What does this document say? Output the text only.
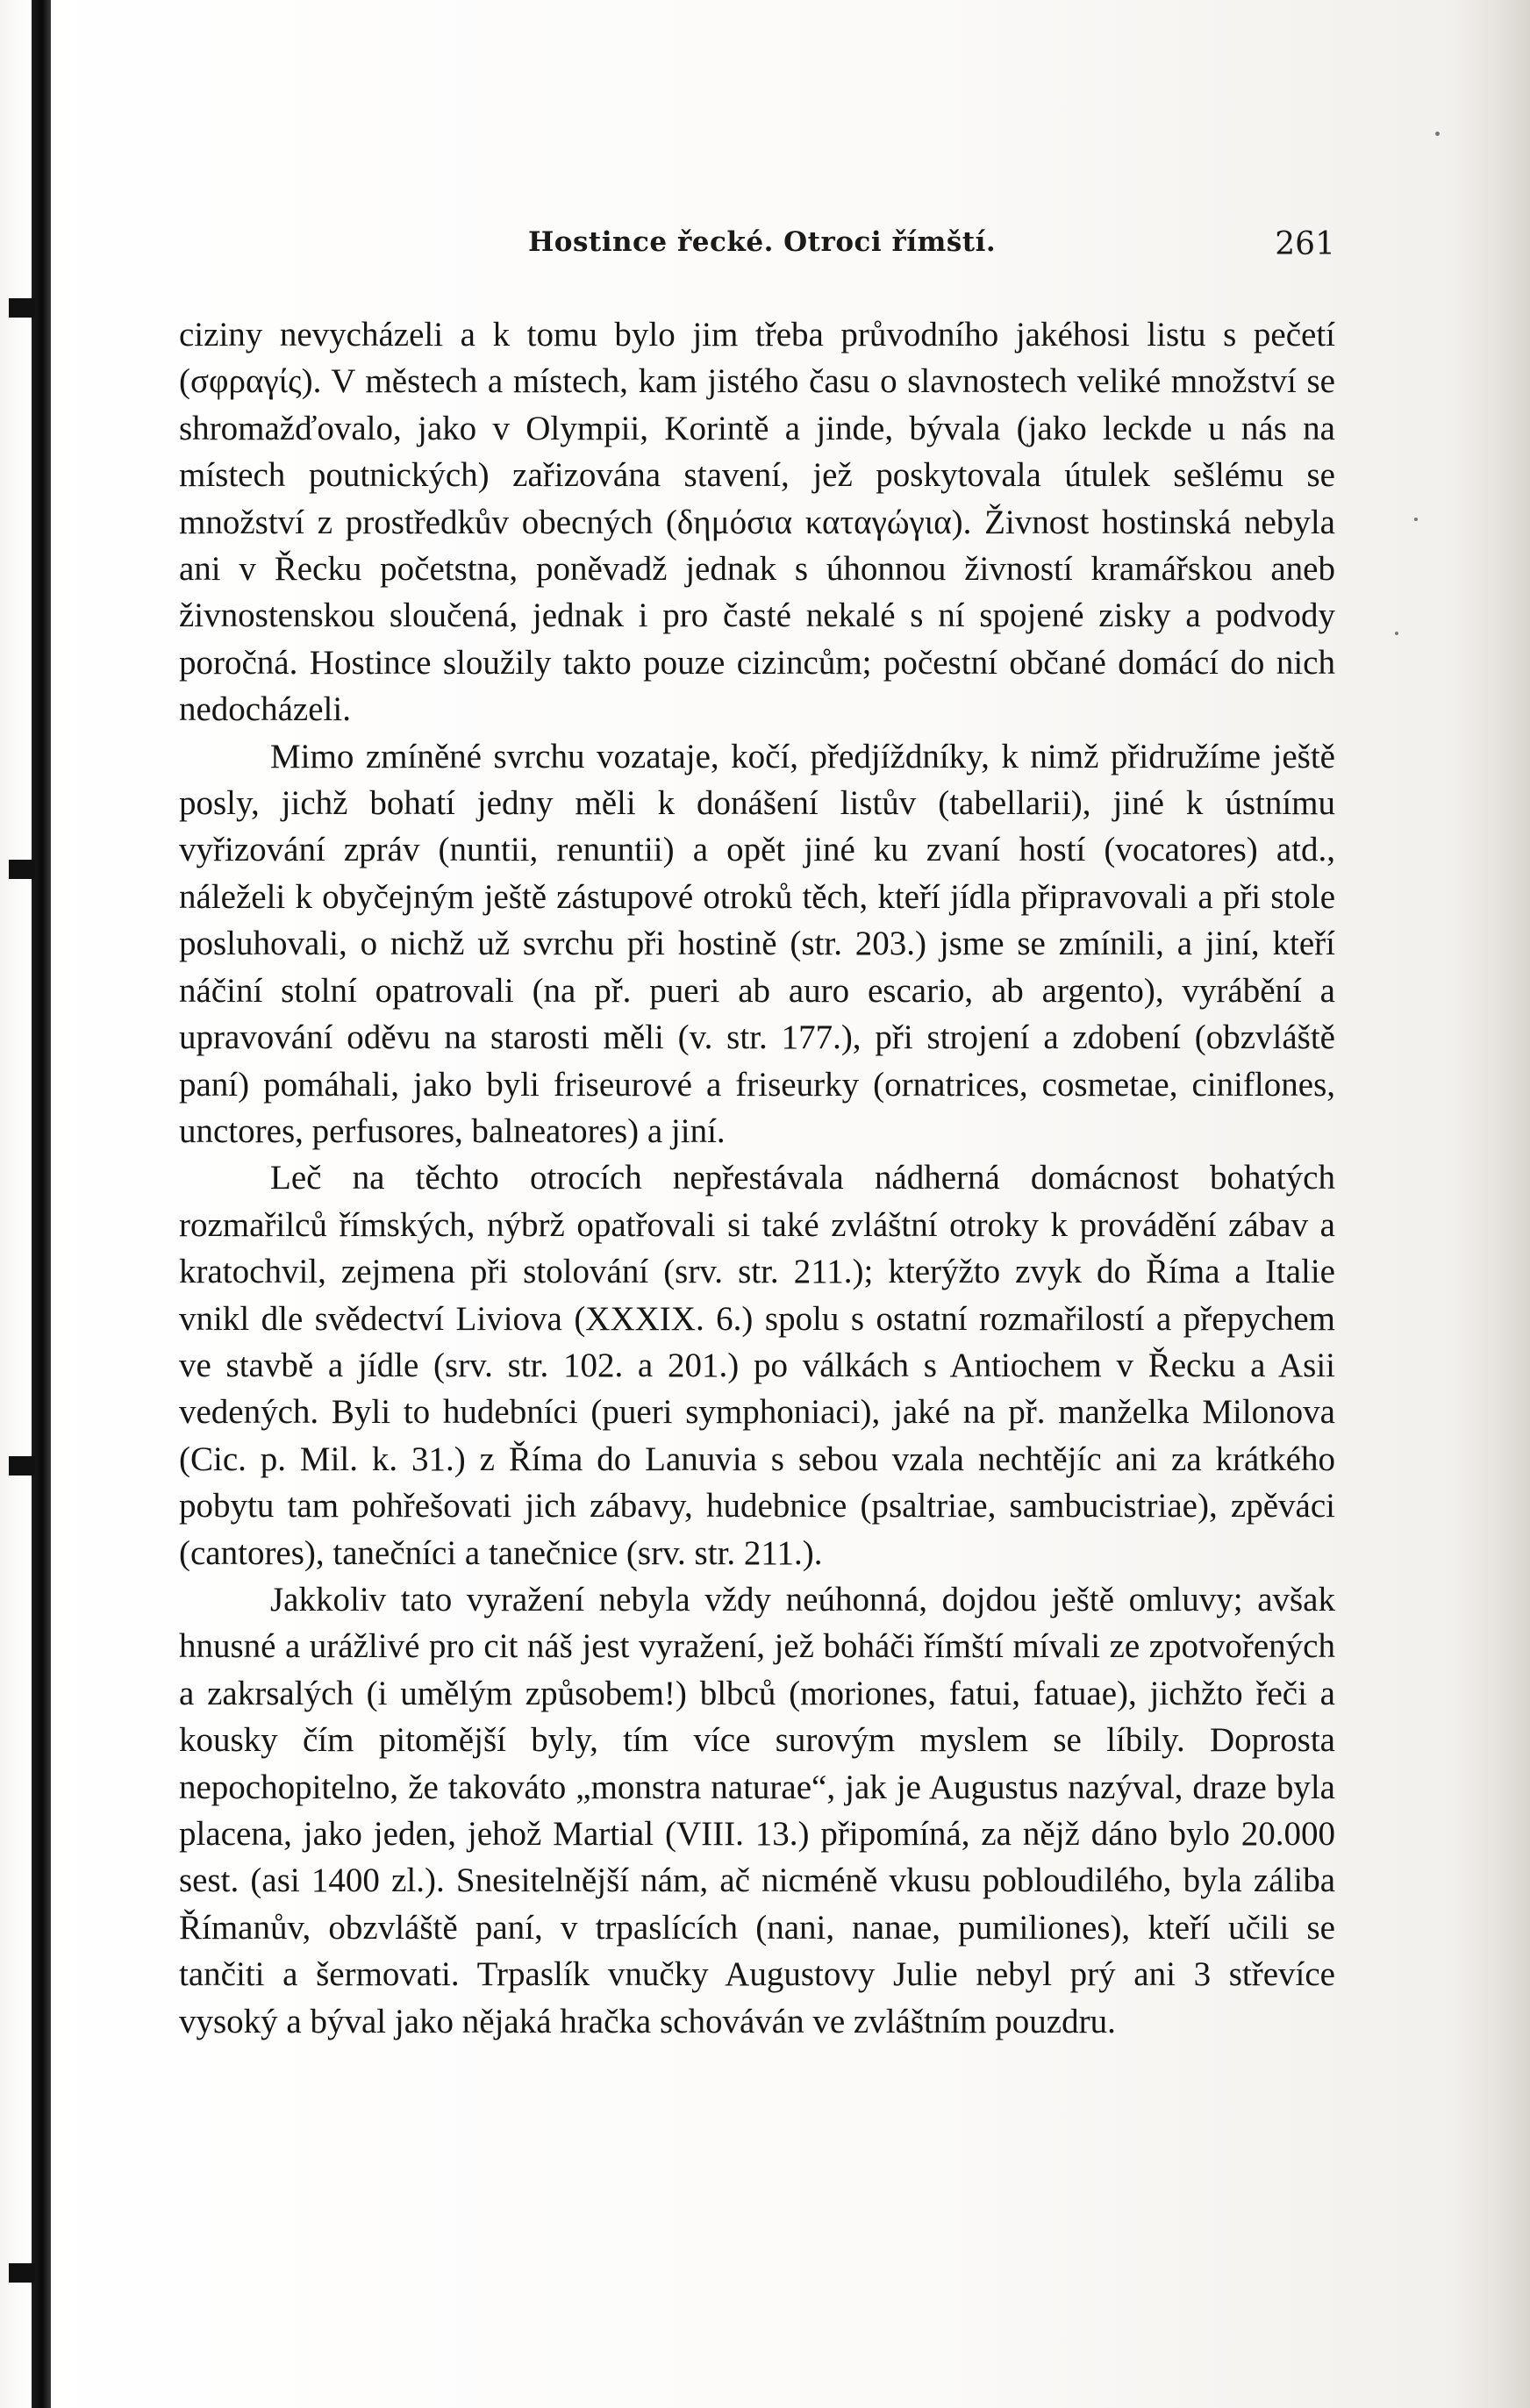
Hostince řecké. Otroci římští.	261

ciziny nevycházeli a k tomu bylo jim třeba průvodního jakéhosi listu s pečetí (σφραγίς). V městech a místech, kam jistého času o slavnostech veliké množství se shromažďovalo, jako v Olympii, Korintě a jinde, bývala (jako leckde u nás na místech poutnických) zařizována stavení, jež poskytovala útulek sešlému se množství z prostředkův obecných (δημόσια καταγώγια). Živnost hostinská nebyla ani v Řecku početstna, poněvadž jednak s úhonnou živností kramářskou aneb živnostenskou sloučená, jednak i pro časté nekalé s ní spojené zisky a podvody poročná. Hostince sloužily takto pouze cizincům; počestní občané domácí do nich nedocházeli.

Mimo zmíněné svrchu vozataje, kočí, předjíždníky, k nimž přidružíme ještě posly, jichž bohatí jedny měli k donášení listův (tabellarii), jiné k ústnímu vyřizování zpráv (nuntii, renuntii) a opět jiné ku zvaní hostí (vocatores) atd., náleželi k obyčejným ještě zástupové otroků těch, kteří jídla připravovali a při stole posluhovali, o nichž už svrchu při hostině (str. 203.) jsme se zmínili, a jiní, kteří náčiní stolní opatrovali (na př. pueri ab auro escario, ab argento), vyrábění a upravování oděvu na starosti měli (v. str. 177.), při strojení a zdobení (obzvláště paní) pomáhali, jako byli friseurové a friseurky (ornatrices, cosmetae, ciniflones, unctores, perfusores, balneatores) a jiní.

Leč na těchto otrocích nepřestávala nádherná domácnost bohatých rozmařilců římských, nýbrž opatřovali si také zvláštní otroky k provádění zábav a kratochvil, zejmena při stolování (srv. str. 211.); kterýžto zvyk do Říma a Italie vnikl dle svědectví Liviova (XXXIX. 6.) spolu s ostatní rozmařilostí a přepychem ve stavbě a jídle (srv. str. 102. a 201.) po válkách s Antiochem v Řecku a Asii vedených. Byli to hudebníci (pueri symphoniaci), jaké na př. manželka Milonova (Cic. p. Mil. k. 31.) z Říma do Lanuvia s sebou vzala nechtějíc ani za krátkého pobytu tam pohřešovati jich zábavy, hudebnice (psaltriae, sambucistriae), zpěváci (cantores), tanečníci a tanečnice (srv. str. 211.).

Jakkoliv tato vyražení nebyla vždy neúhonná, dojdou ještě omluvy; avšak hnusné a urážlivé pro cit náš jest vyražení, jež boháči římští mívali ze zpotvořených a zakrsalých (i umělým způsobem!) blbců (moriones, fatui, fatuae), jichžto řeči a kousky čím pitomější byly, tím více surovým myslem se líbily. Doprosta nepochopitelno, že takováto „monstra naturae“, jak je Augustus nazýval, draze byla placena, jako jeden, jehož Martial (VIII. 13.) připomíná, za nějž dáno bylo 20.000 sest. (asi 1400 zl.). Snesitelnější nám, ač nicméně vkusu pobloudilého, byla záliba Římanův, obzvláště paní, v trpaslících (nani, nanae, pumiliones), kteří učili se tančiti a šermovati. Trpaslík vnučky Augustovy Julie nebyl prý ani 3 střevíce vysoký a býval jako nějaká hračka schováván ve zvláštním pouzdru.
